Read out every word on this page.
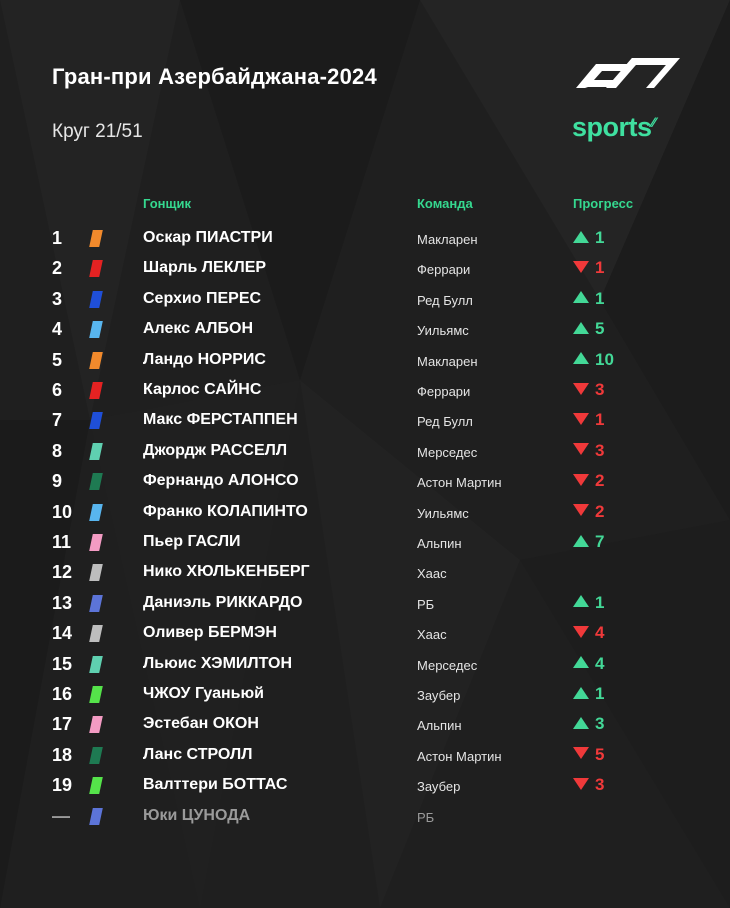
Гран-при Азербайджана-2024
Круг 21/51	sports⁄⁄
Гонщик	Команда	Прогресс
1	Оскар ПИАСТРИ	Макларен	1
2	Шарль ЛЕКЛЕР	Феррари	1
3	Серхио ПЕРЕС	Ред Булл	1
4	Алекс АЛБОН	Уильямс	5
5	Ландо НОРРИС	Макларен	10
6	Карлос САЙНС	Феррари	3
7	Макс ФЕРСТАППЕН	Ред Булл	1
8	Джордж РАССЕЛЛ	Мерседес	3
9	Фернандо АЛОНСО	Астон Мартин	2
10	Франко КОЛАПИНТО	Уильямс	2
11	Пьер ГАСЛИ	Альпин	7
12	Нико ХЮЛЬКЕНБЕРГ	Хаас
13	Даниэль РИККАРДО	РБ	1
14	Оливер БЕРМЭН	Хаас	4
15	Льюис ХЭМИЛТОН	Мерседес	4
16	ЧЖОУ Гуаньюй	Заубер	1
17	Эстебан ОКОН	Альпин	3
18	Ланс СТРОЛЛ	Астон Мартин	5
19	Валттери БОТТАС	Заубер	3
—	Юки ЦУНОДА	РБ
